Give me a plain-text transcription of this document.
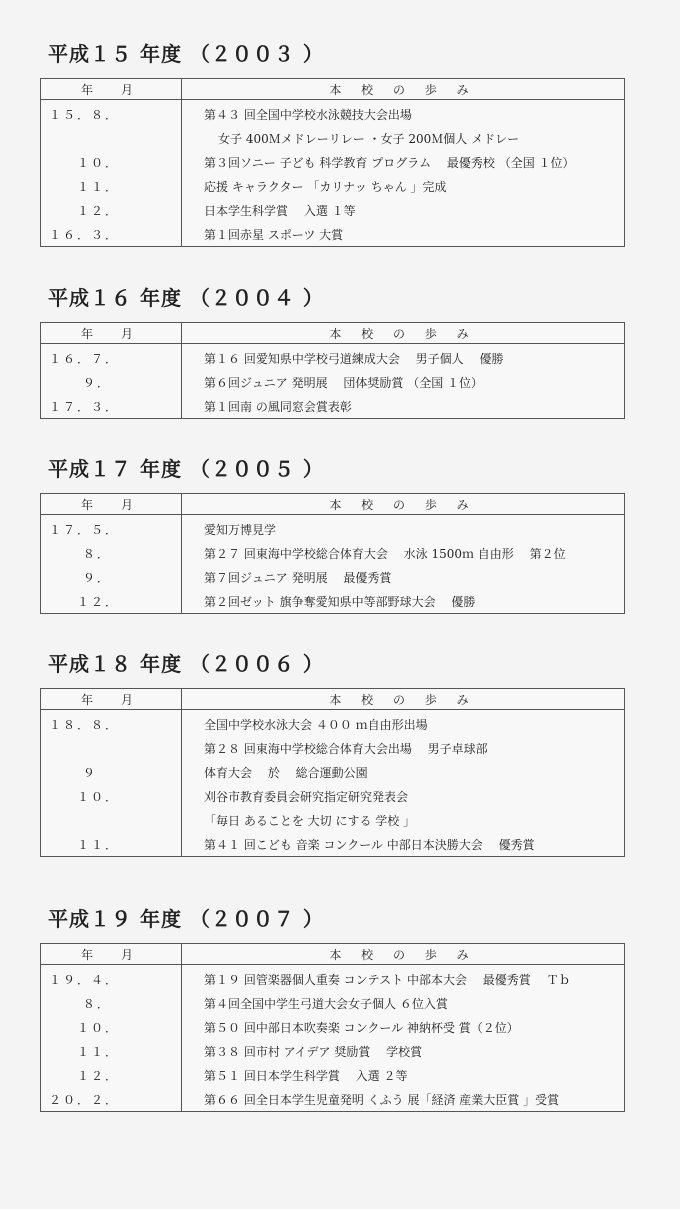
平成１５ 年度 （２００３ ）
年　月	本 校 の 歩 み
１５．８．	第４３ 回全国中学校水泳競技大会出場
	女子 400Ｍメドレーリレー ・女子 200Ｍ個人 メドレー
　　１０．	第３回ソニー 子ども 科学教育 プログラム　 最優秀校 （全国 １位）
　　１１．	応援 キャラクター 「カリナッ ちゃん 」完成
　　１２．	日本学生科学賞　 入選 １等
１６．３．	第１回赤星 スポーツ 大賞
平成１６ 年度 （２００４ ）
年　月	本 校 の 歩 み
１６．７．	第１６ 回愛知県中学校弓道練成大会　 男子個人　 優勝
　　 ９．	第６回ジュニア 発明展　 団体奨励賞 （全国 １位）
１７．３．	第１回南 の風同窓会賞表彰
平成１７ 年度 （２００５ ）
年　月	本 校 の 歩 み
１７．５．	愛知万博見学
　　 ８．	第２７ 回東海中学校総合体育大会　 水泳 1500ｍ 自由形　 第２位
　　 ９．	第７回ジュニア 発明展　 最優秀賞
　　１２．	第２回ゼット 旗争奪愛知県中等部野球大会　 優勝
平成１８ 年度 （２００６ ）
年　月	本 校 の 歩 み
１８．８．	全国中学校水泳大会 ４００ ｍ自由形出場
	第２８ 回東海中学校総合体育大会出場　 男子卓球部
　　 ９	体育大会　 於　 総合運動公園
　　１０．	刈谷市教育委員会研究指定研究発表会
	「毎日 あることを 大切 にする 学校 」
　　１１．	第４１ 回こども 音楽 コンクール 中部日本決勝大会　 優秀賞
平成１９ 年度 （２００７ ）
年　月	本 校 の 歩 み
１９．４．	第１９ 回管楽器個人重奏 コンテスト 中部本大会　 最優秀賞　 Ｔｂ
　　 ８．	第４回全国中学生弓道大会女子個人 ６位入賞
　　１０．	第５０ 回中部日本吹奏楽 コンクール 神納杯受 賞（２位）
　　１１．	第３８ 回市村 アイデア 奨励賞　 学校賞
　　１２．	第５１ 回日本学生科学賞　 入選 ２等
２０．２．	第６６ 回全日本学生児童発明 くふう 展「経済 産業大臣賞 」受賞
